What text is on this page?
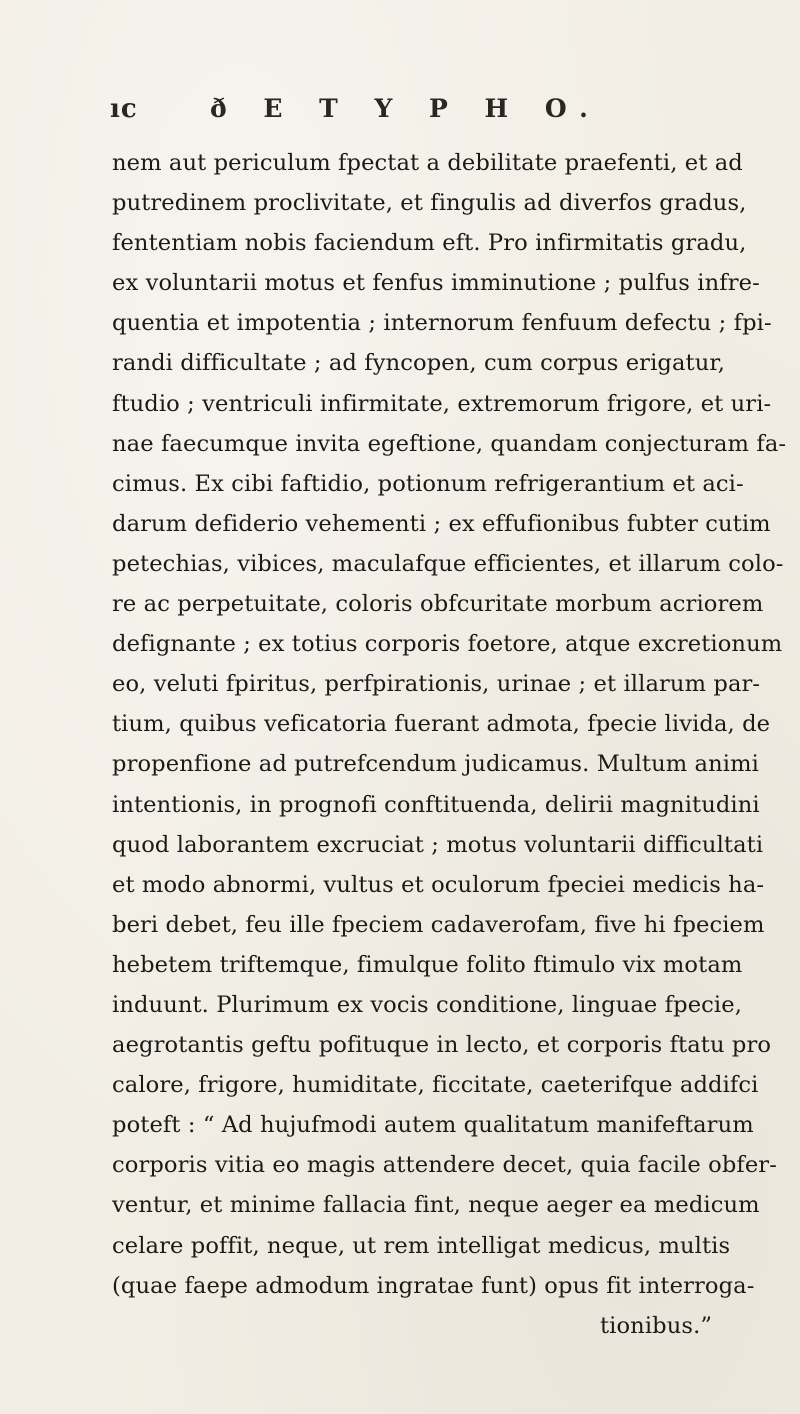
ıc	ð E T Y P H O.
nem aut periculum fpectat a debilitate praefenti, et ad
putredinem proclivitate, et fingulis ad diverfos gradus,
fententiam nobis faciendum eft. Pro infirmitatis gradu,
ex voluntarii motus et fenfus imminutione ; pulfus infre-
quentia et impotentia ; internorum fenfuum defectu ; fpi-
randi difficultate ; ad fyncopen, cum corpus erigatur,
ftudio ; ventriculi infirmitate, extremorum frigore, et uri-
nae faecumque invita egeftione, quandam conjecturam fa-
cimus. Ex cibi faftidio, potionum refrigerantium et aci-
darum defiderio vehementi ; ex effufionibus fubter cutim
petechias, vibices, maculafque efficientes, et illarum colo-
re ac perpetuitate, coloris obfcuritate morbum acriorem
defignante ; ex totius corporis foetore, atque excretionum
eo, veluti fpiritus, perfpirationis, urinae ; et illarum par-
tium, quibus veficatoria fuerant admota, fpecie livida, de
propenfione ad putrefcendum judicamus. Multum animi
intentionis, in prognofi conftituenda, delirii magnitudini
quod laborantem excruciat ; motus voluntarii difficultati
et modo abnormi, vultus et oculorum fpeciei medicis ha-
beri debet, feu ille fpeciem cadaverofam, five hi fpeciem
hebetem triftemque, fimulque folito ftimulo vix motam
induunt. Plurimum ex vocis conditione, linguae fpecie,
aegrotantis geftu pofituque in lecto, et corporis ftatu pro
calore, frigore, humiditate, ficcitate, caeterifque addifci
poteft : “ Ad hujufmodi autem qualitatum manifeftarum
corporis vitia eo magis attendere decet, quia facile obfer-
ventur, et minime fallacia fint, neque aeger ea medicum
celare poffit, neque, ut rem intelligat medicus, multis
(quae faepe admodum ingratae funt) opus fit interroga-
tionibus.”
